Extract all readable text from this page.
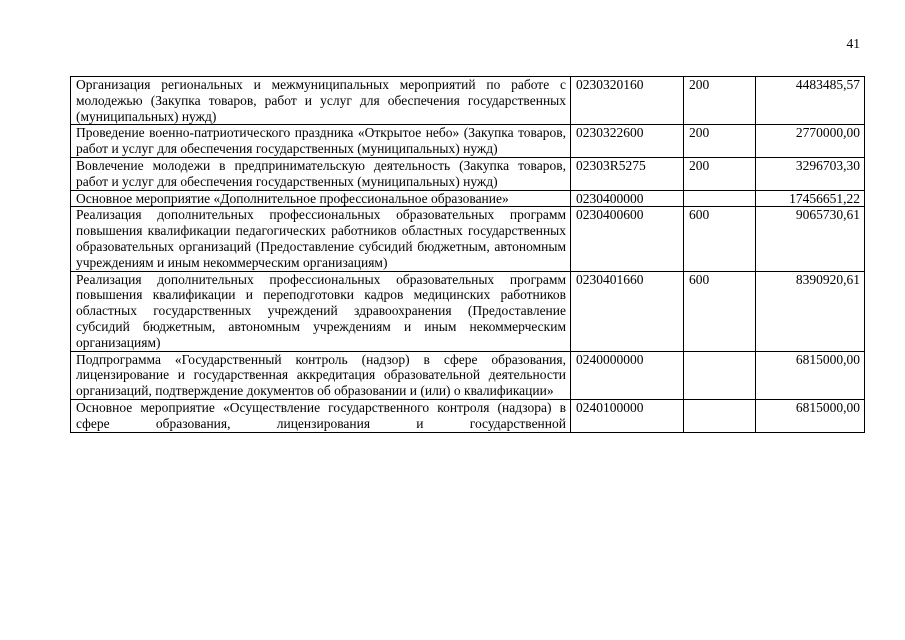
41
Организация региональных и межмуниципальных мероприятий по работе с молодежью (Закупка товаров, работ и услуг для обеспечения государственных (муниципальных) нужд)	0230320160	200	4483485,57
Проведение военно-патриотического праздника «Открытое небо» (Закупка товаров, работ и услуг для обеспечения государственных (муниципальных) нужд)	0230322600	200	2770000,00
Вовлечение молодежи в предпринимательскую деятельность (Закупка товаров, работ и услуг для обеспечения государственных (муниципальных) нужд)	02303R5275	200	3296703,30
Основное мероприятие «Дополнительное профессиональное образование»	0230400000		17456651,22
Реализация дополнительных профессиональных образовательных программ повышения квалификации педагогических работников областных государственных образовательных организаций (Предоставление субсидий бюджетным, автономным учреждениям и иным некоммерческим организациям)	0230400600	600	9065730,61
Реализация дополнительных профессиональных образовательных программ повышения квалификации и переподготовки кадров медицинских работников областных государственных учреждений здравоохранения (Предоставление субсидий бюджетным, автономным учреждениям и иным некоммерческим организациям)	0230401660	600	8390920,61
Подпрограмма «Государственный контроль (надзор) в сфере образования, лицензирование и государственная аккредитация образовательной деятельности организаций, подтверждение документов об образовании и (или) о квалификации»	0240000000		6815000,00
Основное мероприятие «Осуществление государственного контроля (надзора) в сфере образования, лицензирования и государственной	0240100000		6815000,00
